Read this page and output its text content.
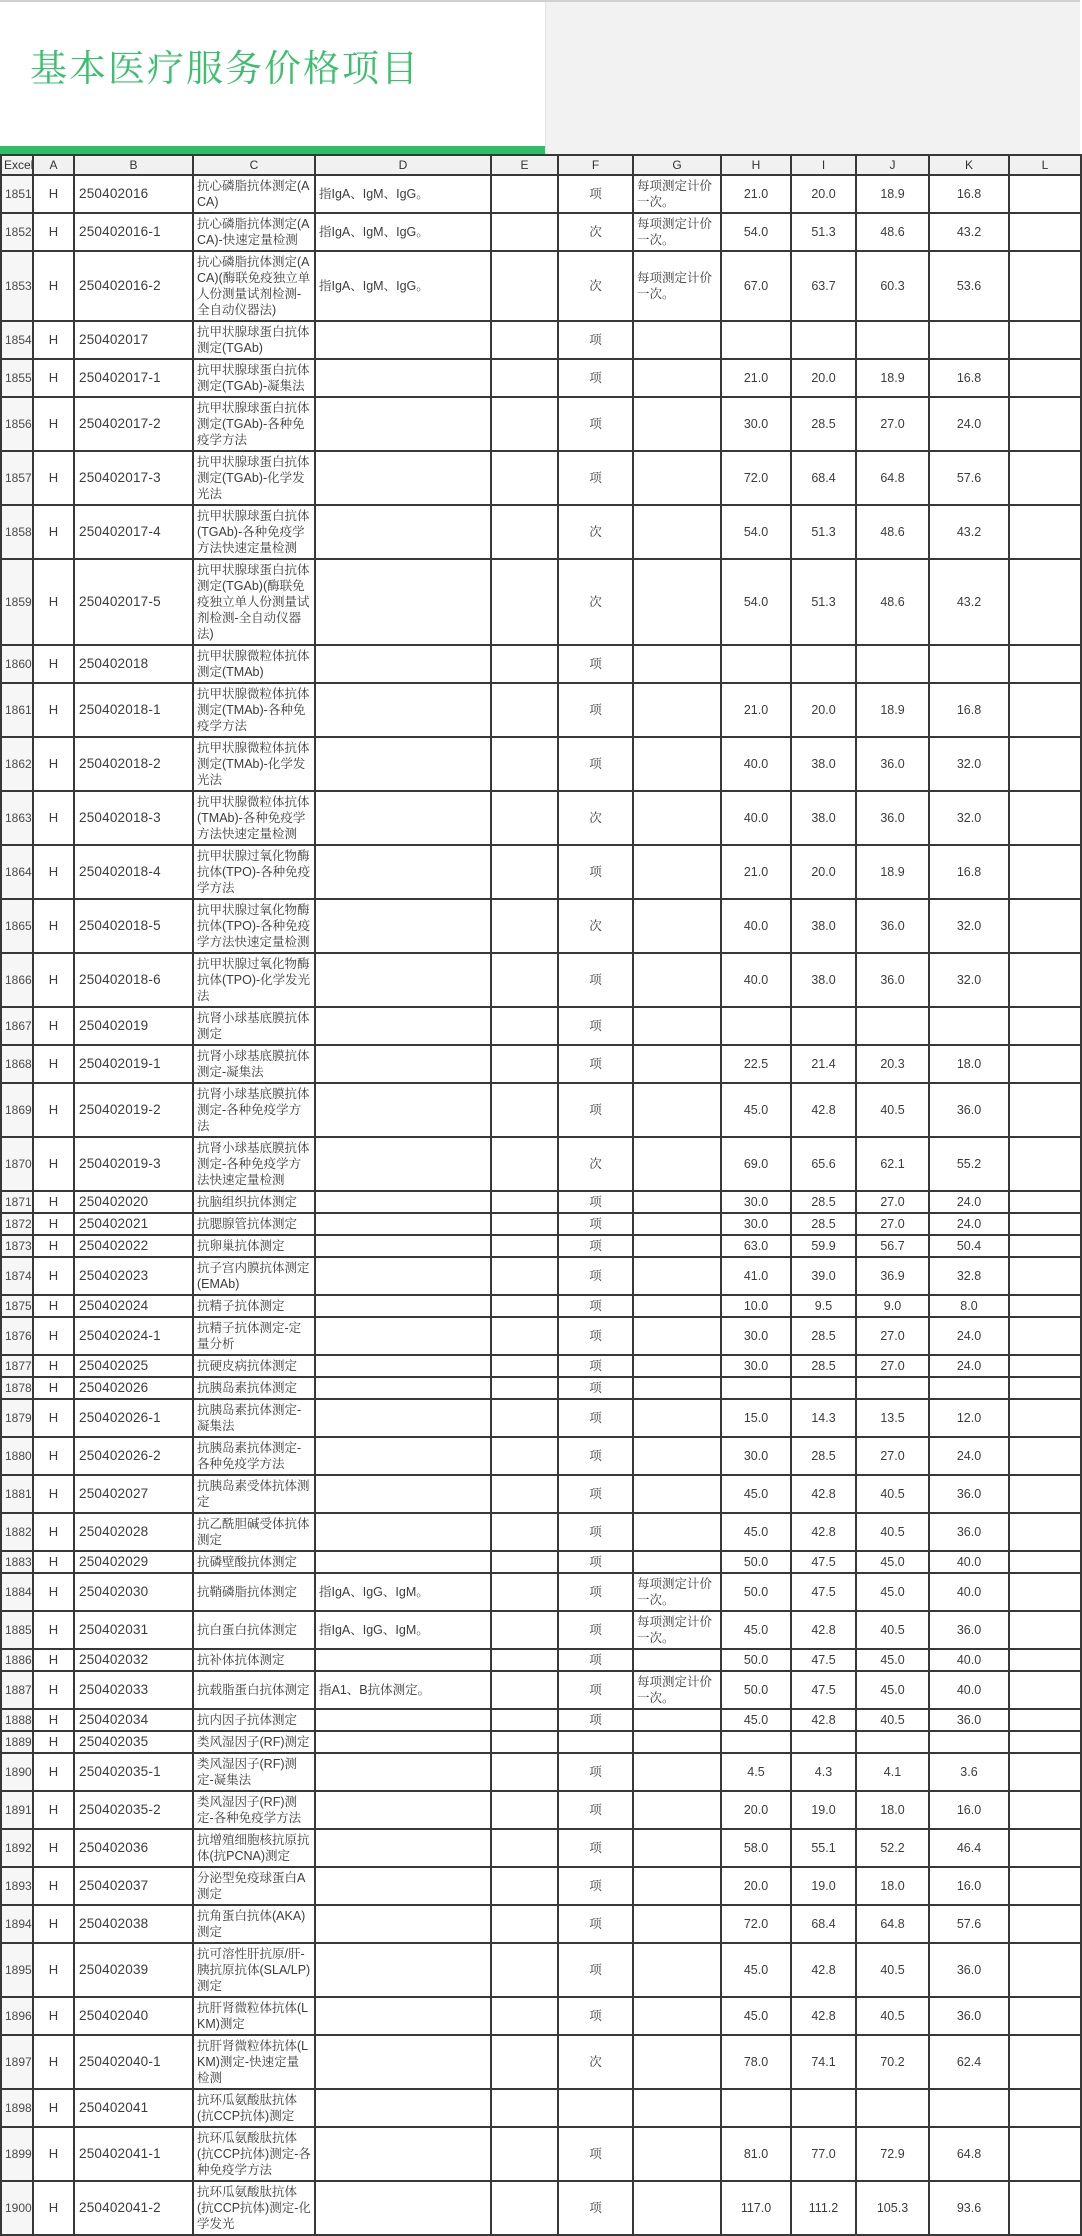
基本医疗服务价格项目
Excel	A	B	C	D	E	F	G	H	I	J	K	L
1851	H	250402016	抗心磷脂抗体测定(ACA)	指IgA、IgM、IgG。		项	每项测定计价一次。	21.0	20.0	18.9	16.8	
1852	H	250402016-1	抗心磷脂抗体测定(ACA)-快速定量检测	指IgA、IgM、IgG。		次	每项测定计价一次。	54.0	51.3	48.6	43.2	
1853	H	250402016-2	抗心磷脂抗体测定(ACA)(酶联免疫独立单人份测量试剂检测-全自动仪器法)	指IgA、IgM、IgG。		次	每项测定计价一次。	67.0	63.7	60.3	53.6	
1854	H	250402017	抗甲状腺球蛋白抗体测定(TGAb)			项						
1855	H	250402017-1	抗甲状腺球蛋白抗体测定(TGAb)-凝集法			项		21.0	20.0	18.9	16.8	
1856	H	250402017-2	抗甲状腺球蛋白抗体测定(TGAb)-各种免疫学方法			项		30.0	28.5	27.0	24.0	
1857	H	250402017-3	抗甲状腺球蛋白抗体测定(TGAb)-化学发光法			项		72.0	68.4	64.8	57.6	
1858	H	250402017-4	抗甲状腺球蛋白抗体(TGAb)-各种免疫学方法快速定量检测			次		54.0	51.3	48.6	43.2	
1859	H	250402017-5	抗甲状腺球蛋白抗体测定(TGAb)(酶联免疫独立单人份测量试剂检测-全自动仪器法)			次		54.0	51.3	48.6	43.2	
1860	H	250402018	抗甲状腺微粒体抗体测定(TMAb)			项						
1861	H	250402018-1	抗甲状腺微粒体抗体测定(TMAb)-各种免疫学方法			项		21.0	20.0	18.9	16.8	
1862	H	250402018-2	抗甲状腺微粒体抗体测定(TMAb)-化学发光法			项		40.0	38.0	36.0	32.0	
1863	H	250402018-3	抗甲状腺微粒体抗体(TMAb)-各种免疫学方法快速定量检测			次		40.0	38.0	36.0	32.0	
1864	H	250402018-4	抗甲状腺过氧化物酶抗体(TPO)-各种免疫学方法			项		21.0	20.0	18.9	16.8	
1865	H	250402018-5	抗甲状腺过氧化物酶抗体(TPO)-各种免疫学方法快速定量检测			次		40.0	38.0	36.0	32.0	
1866	H	250402018-6	抗甲状腺过氧化物酶抗体(TPO)-化学发光法			项		40.0	38.0	36.0	32.0	
1867	H	250402019	抗肾小球基底膜抗体测定			项						
1868	H	250402019-1	抗肾小球基底膜抗体测定-凝集法			项		22.5	21.4	20.3	18.0	
1869	H	250402019-2	抗肾小球基底膜抗体测定-各种免疫学方法			项		45.0	42.8	40.5	36.0	
1870	H	250402019-3	抗肾小球基底膜抗体测定-各种免疫学方法快速定量检测			次		69.0	65.6	62.1	55.2	
1871	H	250402020	抗脑组织抗体测定			项		30.0	28.5	27.0	24.0	
1872	H	250402021	抗腮腺管抗体测定			项		30.0	28.5	27.0	24.0	
1873	H	250402022	抗卵巢抗体测定			项		63.0	59.9	56.7	50.4	
1874	H	250402023	抗子宫内膜抗体测定(EMAb)			项		41.0	39.0	36.9	32.8	
1875	H	250402024	抗精子抗体测定			项		10.0	9.5	9.0	8.0	
1876	H	250402024-1	抗精子抗体测定-定量分析			项		30.0	28.5	27.0	24.0	
1877	H	250402025	抗硬皮病抗体测定			项		30.0	28.5	27.0	24.0	
1878	H	250402026	抗胰岛素抗体测定			项						
1879	H	250402026-1	抗胰岛素抗体测定-凝集法			项		15.0	14.3	13.5	12.0	
1880	H	250402026-2	抗胰岛素抗体测定-各种免疫学方法			项		30.0	28.5	27.0	24.0	
1881	H	250402027	抗胰岛素受体抗体测定			项		45.0	42.8	40.5	36.0	
1882	H	250402028	抗乙酰胆碱受体抗体测定			项		45.0	42.8	40.5	36.0	
1883	H	250402029	抗磷壁酸抗体测定			项		50.0	47.5	45.0	40.0	
1884	H	250402030	抗鞘磷脂抗体测定	指IgA、IgG、IgM。		项	每项测定计价一次。	50.0	47.5	45.0	40.0	
1885	H	250402031	抗白蛋白抗体测定	指IgA、IgG、IgM。		项	每项测定计价一次。	45.0	42.8	40.5	36.0	
1886	H	250402032	抗补体抗体测定			项		50.0	47.5	45.0	40.0	
1887	H	250402033	抗载脂蛋白抗体测定	指A1、B抗体测定。		项	每项测定计价一次。	50.0	47.5	45.0	40.0	
1888	H	250402034	抗内因子抗体测定			项		45.0	42.8	40.5	36.0	
1889	H	250402035	类风湿因子(RF)测定									
1890	H	250402035-1	类风湿因子(RF)测定-凝集法			项		4.5	4.3	4.1	3.6	
1891	H	250402035-2	类风湿因子(RF)测定-各种免疫学方法			项		20.0	19.0	18.0	16.0	
1892	H	250402036	抗增殖细胞核抗原抗体(抗PCNA)测定			项		58.0	55.1	52.2	46.4	
1893	H	250402037	分泌型免疫球蛋白A测定			项		20.0	19.0	18.0	16.0	
1894	H	250402038	抗角蛋白抗体(AKA)测定			项		72.0	68.4	64.8	57.6	
1895	H	250402039	抗可溶性肝抗原/肝-胰抗原抗体(SLA/LP)测定			项		45.0	42.8	40.5	36.0	
1896	H	250402040	抗肝肾微粒体抗体(LKM)测定			项		45.0	42.8	40.5	36.0	
1897	H	250402040-1	抗肝肾微粒体抗体(LKM)测定-快速定量检测			次		78.0	74.1	70.2	62.4	
1898	H	250402041	抗环瓜氨酸肽抗体(抗CCP抗体)测定									
1899	H	250402041-1	抗环瓜氨酸肽抗体(抗CCP抗体)测定-各种免疫学方法			项		81.0	77.0	72.9	64.8	
1900	H	250402041-2	抗环瓜氨酸肽抗体(抗CCP抗体)测定-化学发光			项		117.0	111.2	105.3	93.6	
